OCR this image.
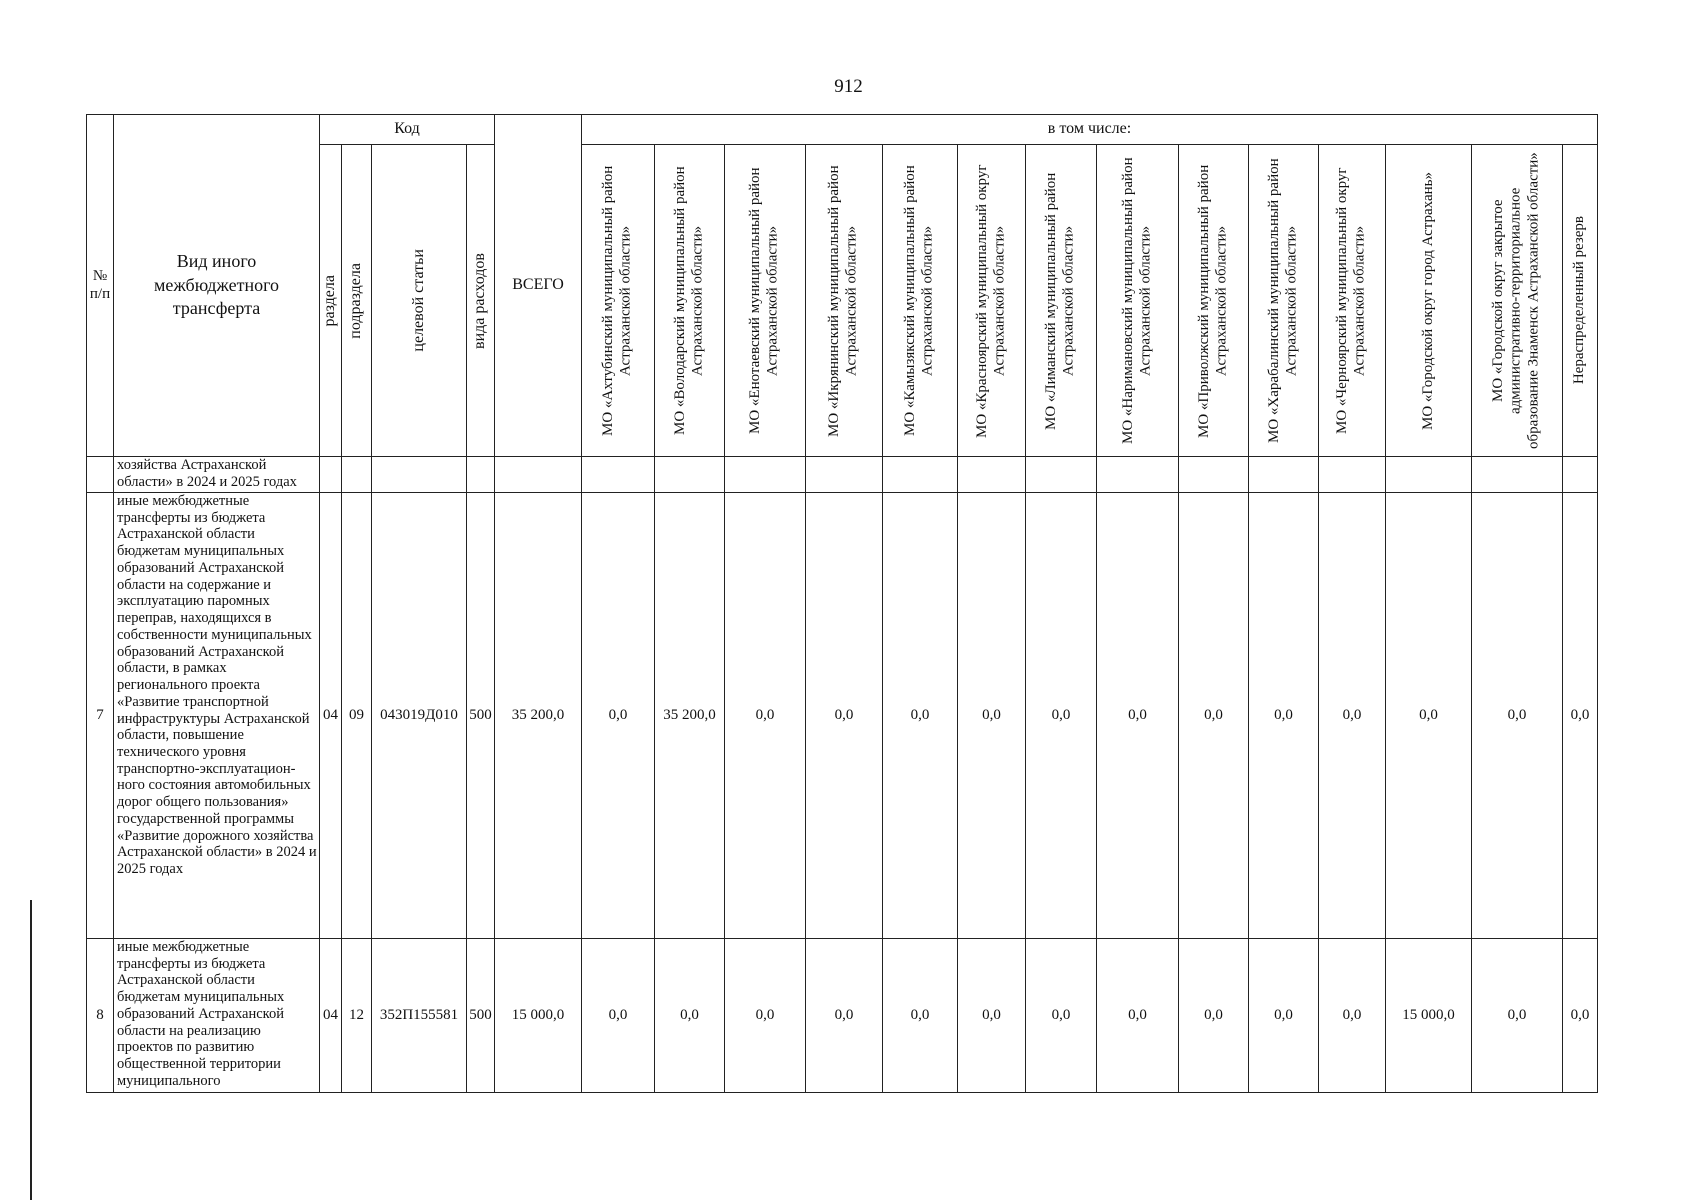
912
№ п/п	Вид иного межбюджетного трансферта	Код				ВСЕГО	в том числе:													

		раздела	подраздела	целевой статьи	вида расходов		МО «Ахтубинский муниципальный район Астраханской области»	МО «Володарский муниципальный район Астраханской области»	МО «Енотаевский муниципальный район Астраханской области»	МО «Икрянинский муниципальный район Астраханской области»	МО «Камызякский муниципальный район Астраханской области»	МО «Красноярский муниципальный округ Астраханской области»	МО «Лиманский муниципальный район Астраханской области»	МО «Наримановский муниципальный район Астраханской области»	МО «Приволжский муниципальный район Астраханской области»	МО «Харабалинский муниципальный район Астраханской области»	МО «Черноярский муниципальный округ Астраханской области»	МО «Городской округ город Астрахань»	МО «Городской округ закрытое административно-территориальное образование Знаменск Астраханской области»	Нераспределенный резерв

	хозяйства Астраханской области» в 2024 и 2025 годах																			
7	иные межбюджетные трансферты из бюджета Астраханской области бюджетам муниципальных образований Астраханской области на содержание и эксплуатацию паромных переправ, находящихся в собственности муниципальных образований Астраханской области, в рамках регионального проекта «Развитие транспортной инфраструктуры Астраханской области, повышение технического уровня транспортно-эксплуатацион-ного состояния автомобильных дорог общего пользования» государственной программы «Развитие дорожного хозяйства Астраханской области» в 2024 и 2025 годах	04	09	043019Д010	500	35 200,0	0,0	35 200,0	0,0	0,0	0,0	0,0	0,0	0,0	0,0	0,0	0,0	0,0	0,0	0,0
8	иные межбюджетные трансферты из бюджета Астраханской области бюджетам муниципальных образований Астраханской области на реализацию проектов по развитию общественной территории муниципального	04	12	352П155581	500	15 000,0	0,0	0,0	0,0	0,0	0,0	0,0	0,0	0,0	0,0	0,0	0,0	15 000,0	0,0	0,0
